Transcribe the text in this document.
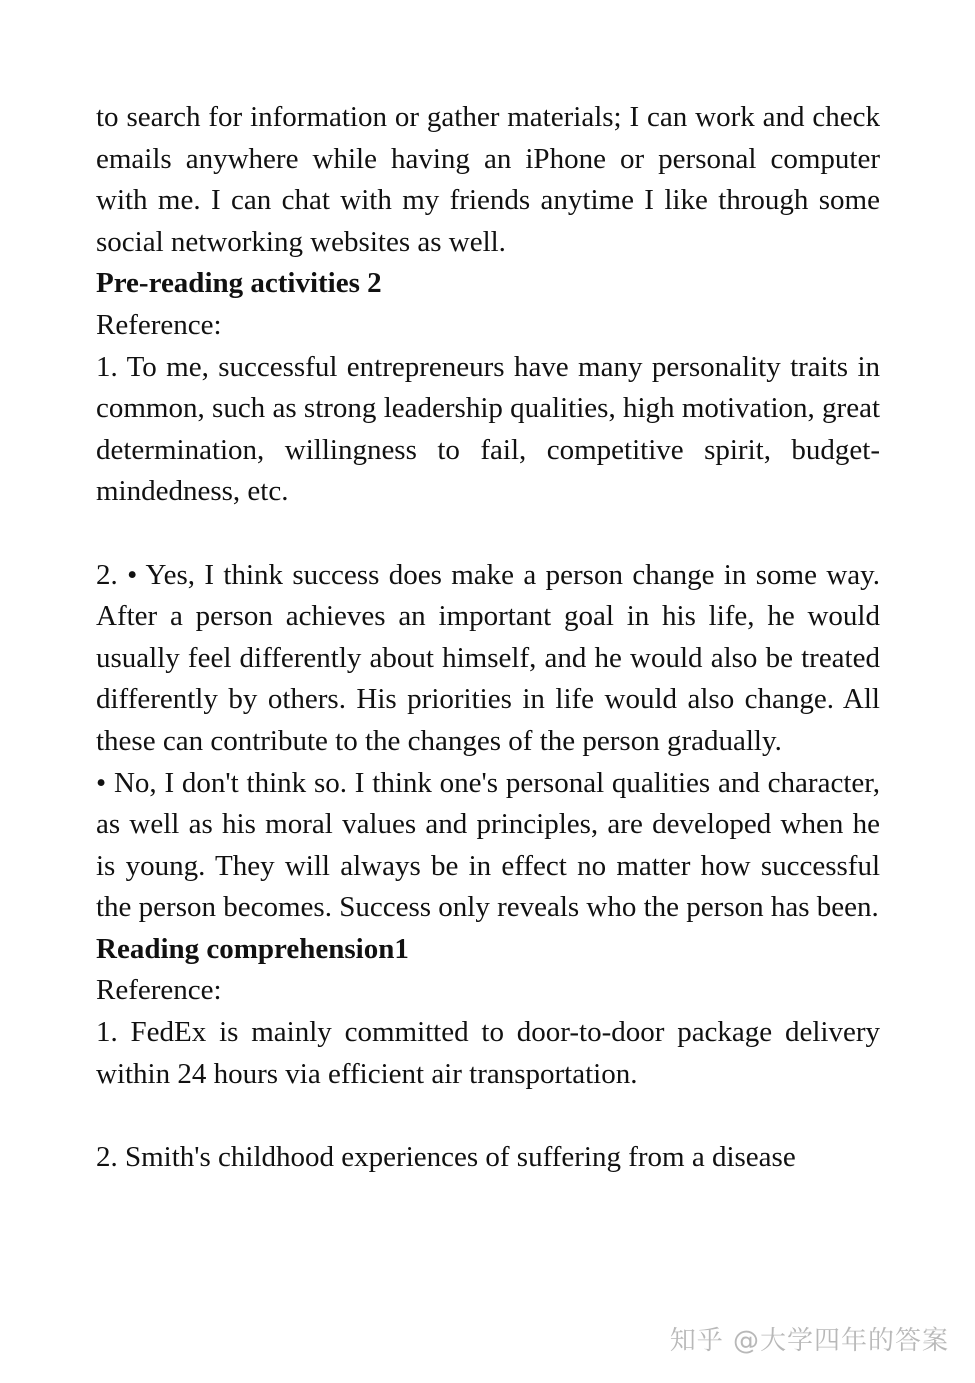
to search for information or gather materials; I can work and check emails anywhere while having an iPhone or personal computer with me. I can chat with my friends anytime I like through some social networking websites as well.

Pre-reading activities 2

Reference:

1. To me, successful entrepreneurs have many personality traits in common, such as strong leadership qualities, high motivation, great determination, willingness to fail, competitive spirit, budget-mindedness, etc.

2. • Yes, I think success does make a person change in some way. After a person achieves an important goal in his life, he would usually feel differently about himself, and he would also be treated differently by others. His priorities in life would also change. All these can contribute to the changes of the person gradually.

• No, I don't think so. I think one's personal qualities and character, as well as his moral values and principles, are developed when he is young. They will always be in effect no matter how successful the person becomes. Success only reveals who the person has been.

Reading comprehension1

Reference:

1. FedEx is mainly committed to door-to-door package delivery within 24 hours via efficient air transportation.

2. Smith's childhood experiences of suffering from a disease

知乎 @大学四年的答案
